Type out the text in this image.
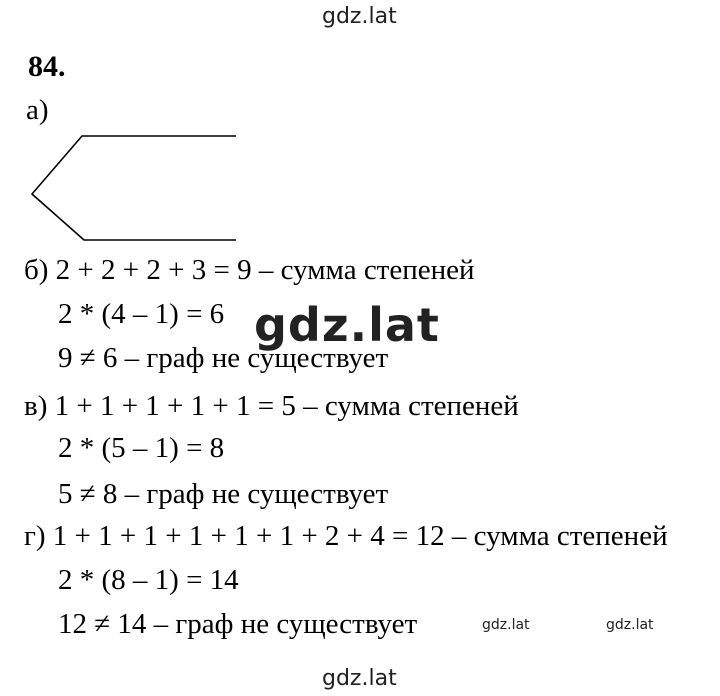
gdz.lat
84.
а)
б) 2 + 2 + 2 + 3 = 9 – сумма степеней
2 * (4 – 1) = 6
9 ≠ 6 – граф не существует
gdz.lat
в) 1 + 1 + 1 + 1 + 1 = 5 – сумма степеней
2 * (5 – 1) = 8
5 ≠ 8 – граф не существует
г) 1 + 1 + 1 + 1 + 1 + 1 + 2 + 4 = 12 – сумма степеней
2 * (8 – 1) = 14
12 ≠ 14 – граф не существует	gdz.lat	gdz.lat
gdz.lat
